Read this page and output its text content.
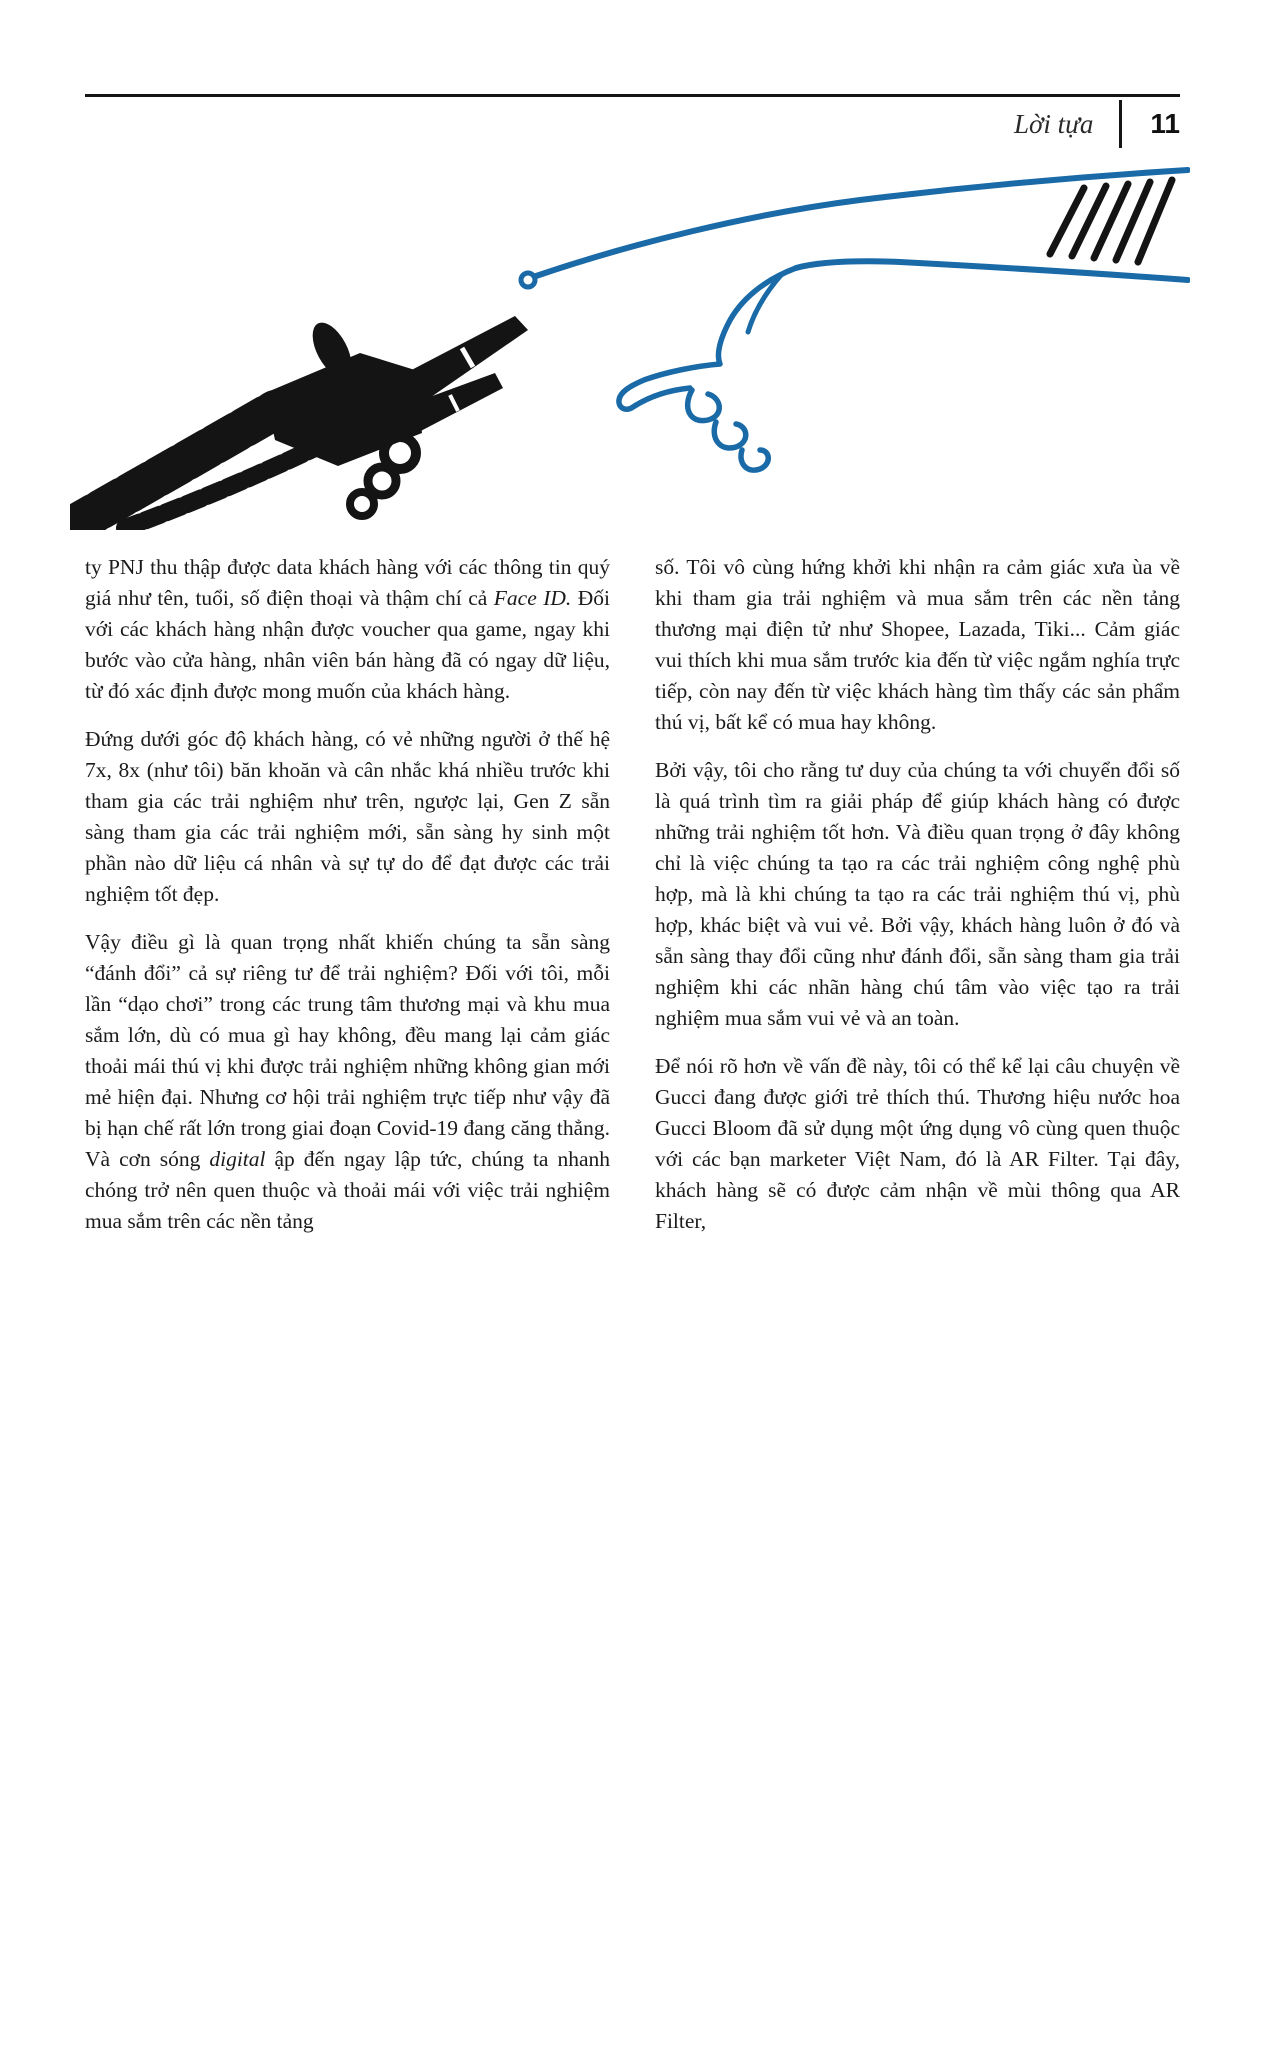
Lời tựa	11

ty PNJ thu thập được data khách hàng với các thông tin quý giá như tên, tuổi, số điện thoại và thậm chí cả Face ID. Đối với các khách hàng nhận được voucher qua game, ngay khi bước vào cửa hàng, nhân viên bán hàng đã có ngay dữ liệu, từ đó xác định được mong muốn của khách hàng.

Đứng dưới góc độ khách hàng, có vẻ những người ở thế hệ 7x, 8x (như tôi) băn khoăn và cân nhắc khá nhiều trước khi tham gia các trải nghiệm như trên, ngược lại, Gen Z sẵn sàng tham gia các trải nghiệm mới, sẵn sàng hy sinh một phần nào dữ liệu cá nhân và sự tự do để đạt được các trải nghiệm tốt đẹp.

Vậy điều gì là quan trọng nhất khiến chúng ta sẵn sàng “đánh đổi” cả sự riêng tư để trải nghiệm? Đối với tôi, mỗi lần “dạo chơi” trong các trung tâm thương mại và khu mua sắm lớn, dù có mua gì hay không, đều mang lại cảm giác thoải mái thú vị khi được trải nghiệm những không gian mới mẻ hiện đại. Nhưng cơ hội trải nghiệm trực tiếp như vậy đã bị hạn chế rất lớn trong giai đoạn Covid-19 đang căng thẳng. Và cơn sóng digital ập đến ngay lập tức, chúng ta nhanh chóng trở nên quen thuộc và thoải mái với việc trải nghiệm mua sắm trên các nền tảng

số. Tôi vô cùng hứng khởi khi nhận ra cảm giác xưa ùa về khi tham gia trải nghiệm và mua sắm trên các nền tảng thương mại điện tử như Shopee, Lazada, Tiki... Cảm giác vui thích khi mua sắm trước kia đến từ việc ngắm nghía trực tiếp, còn nay đến từ việc khách hàng tìm thấy các sản phẩm thú vị, bất kể có mua hay không.

Bởi vậy, tôi cho rằng tư duy của chúng ta với chuyển đổi số là quá trình tìm ra giải pháp để giúp khách hàng có được những trải nghiệm tốt hơn. Và điều quan trọng ở đây không chỉ là việc chúng ta tạo ra các trải nghiệm công nghệ phù hợp, mà là khi chúng ta tạo ra các trải nghiệm thú vị, phù hợp, khác biệt và vui vẻ. Bởi vậy, khách hàng luôn ở đó và sẵn sàng thay đổi cũng như đánh đổi, sẵn sàng tham gia trải nghiệm khi các nhãn hàng chú tâm vào việc tạo ra trải nghiệm mua sắm vui vẻ và an toàn.

Để nói rõ hơn về vấn đề này, tôi có thể kể lại câu chuyện về Gucci đang được giới trẻ thích thú. Thương hiệu nước hoa Gucci Bloom đã sử dụng một ứng dụng vô cùng quen thuộc với các bạn marketer Việt Nam, đó là AR Filter. Tại đây, khách hàng sẽ có được cảm nhận về mùi thông qua AR Filter,
